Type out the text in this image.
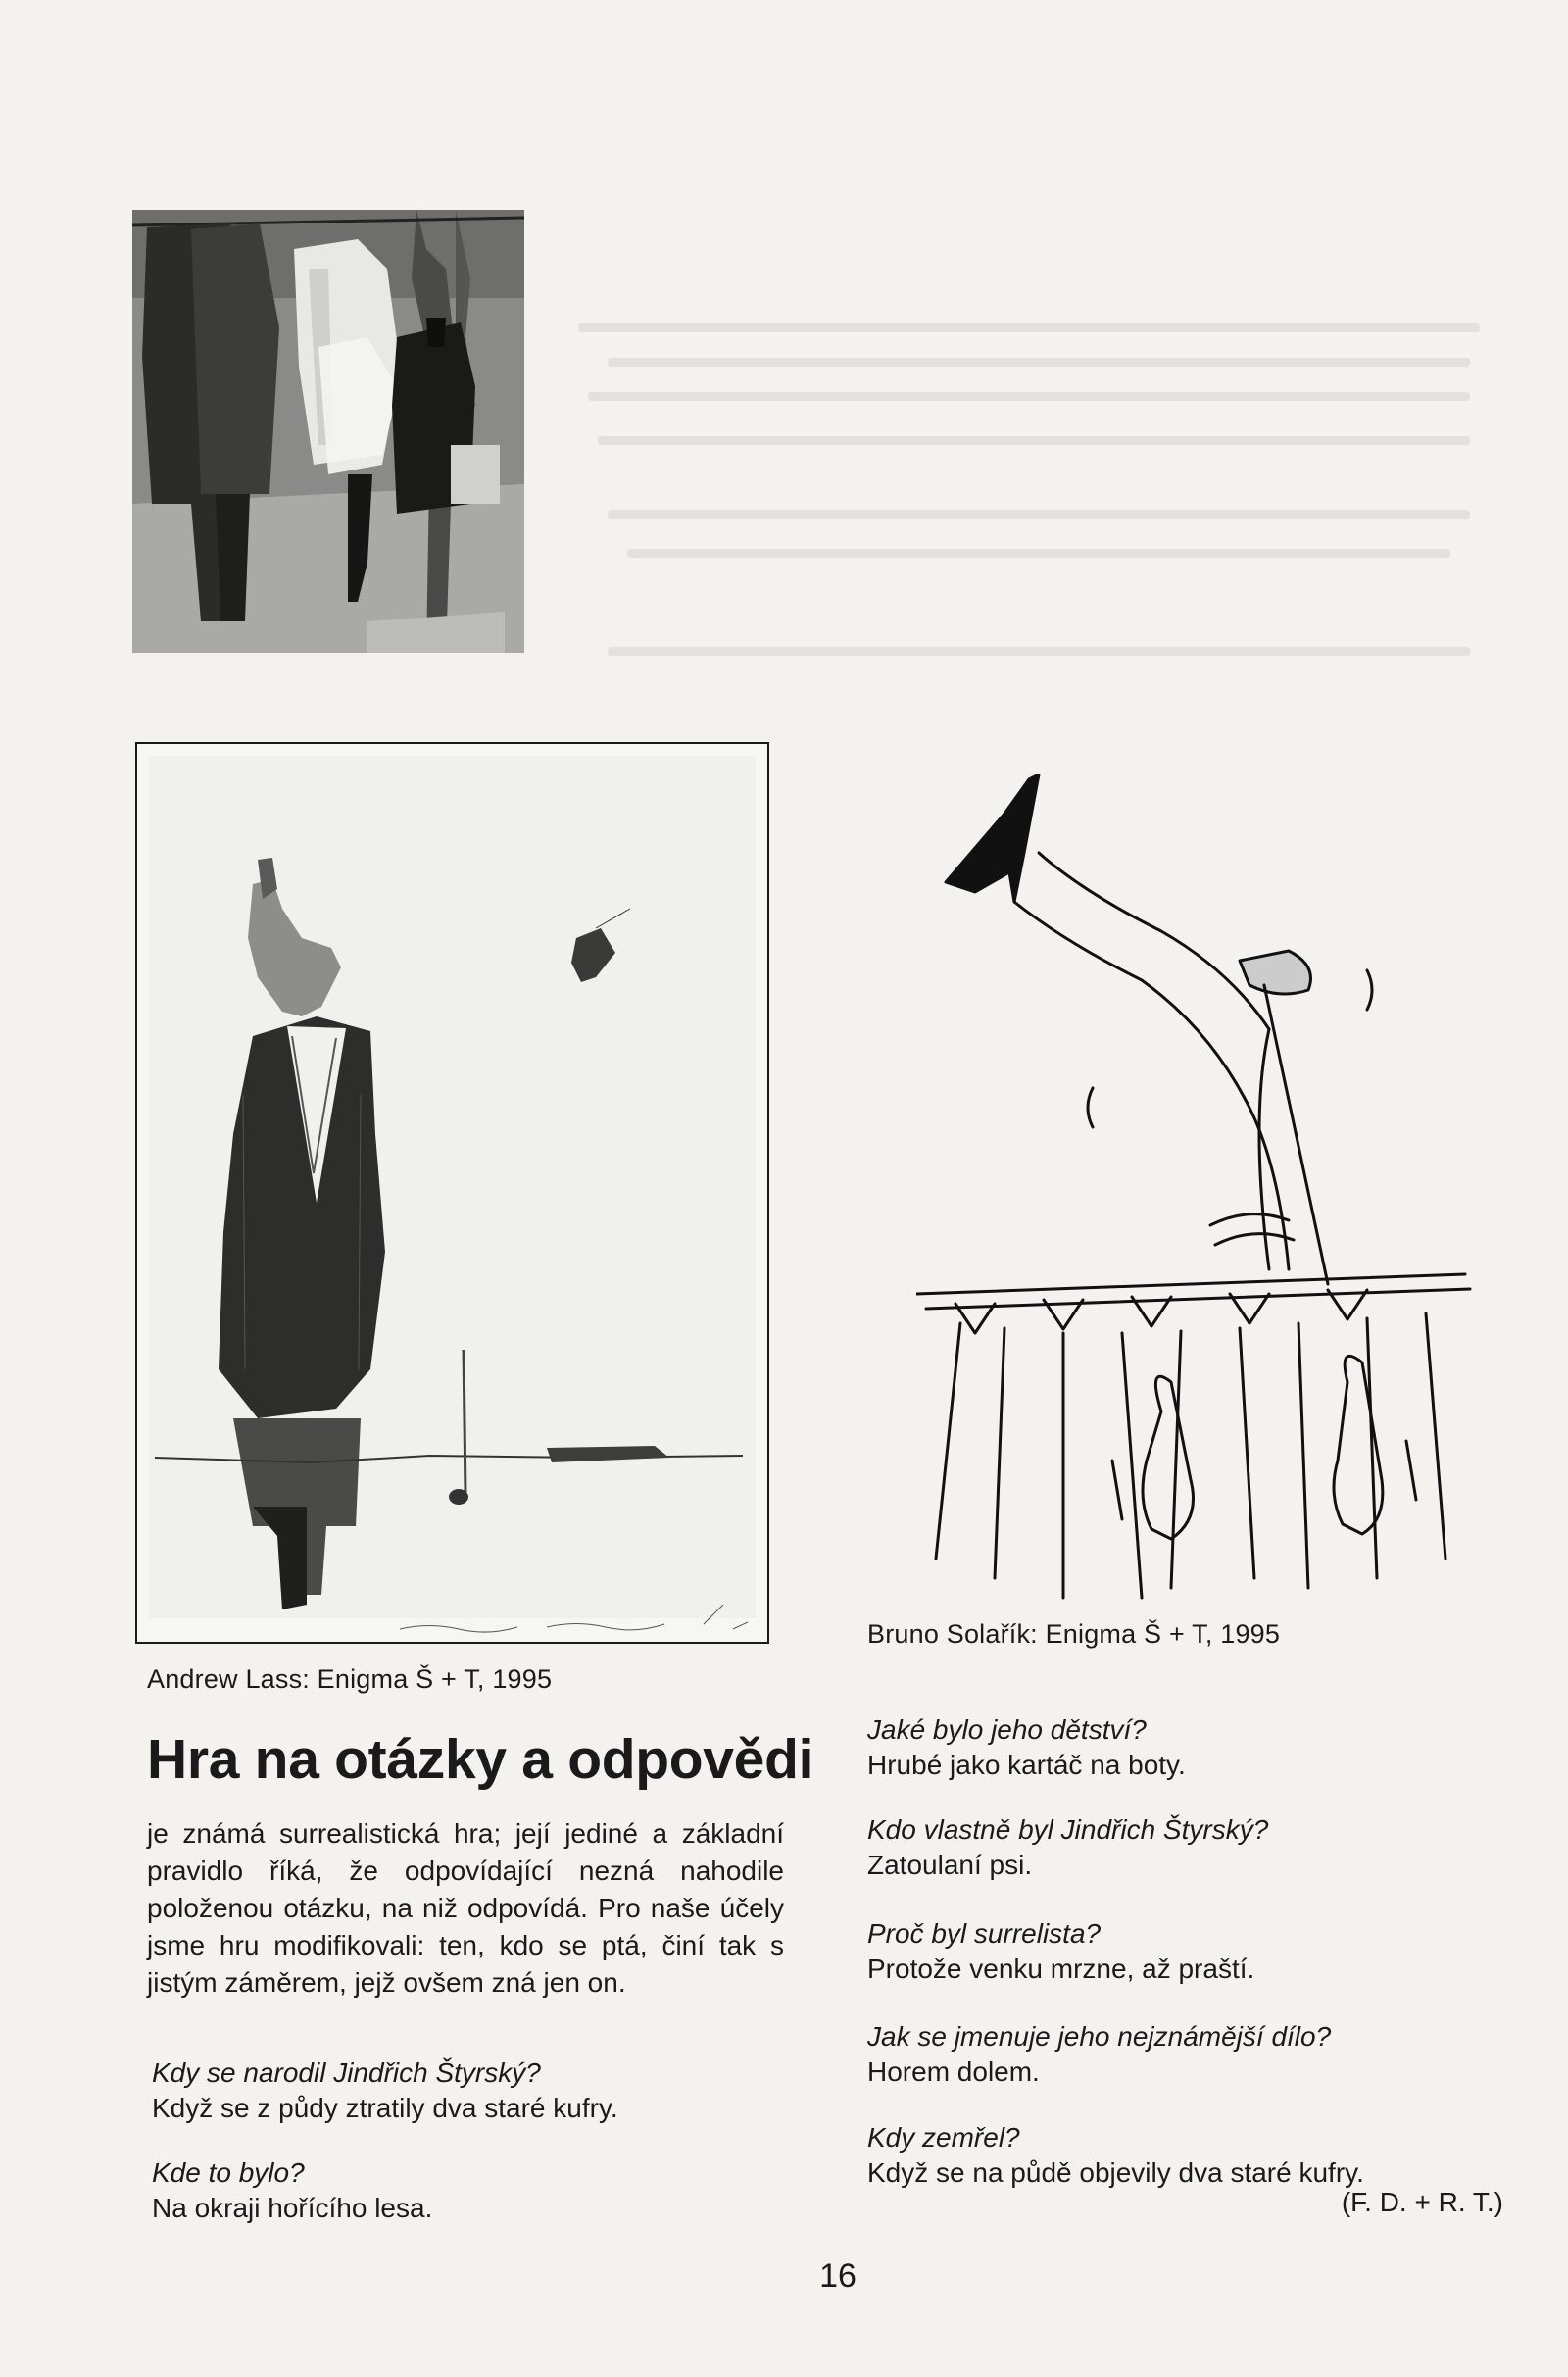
Andrew Lass: Enigma Š + T, 1995
Bruno Solařík: Enigma Š + T, 1995
Hra na otázky a odpovědi
je známá surrealistická hra; její jediné a základní pravidlo říká, že odpovídající nezná nahodile položenou otázku, na niž odpovídá. Pro naše účely jsme hru modifikovali: ten, kdo se ptá, činí tak s jistým záměrem, jejž ovšem zná jen on.
Kdy se narodil Jindřich Štyrský?
Když se z půdy ztratily dva staré kufry.
Kde to bylo?
Na okraji hořícího lesa.
Jaké bylo jeho dětství?
Hrubé jako kartáč na boty.
Kdo vlastně byl Jindřich Štyrský?
Zatoulaní psi.
Proč byl surrelista?
Protože venku mrzne, až praští.
Jak se jmenuje jeho nejznámější dílo?
Horem dolem.
Kdy zemřel?
Když se na půdě objevily dva staré kufry.
(F. D. + R. T.)
16
